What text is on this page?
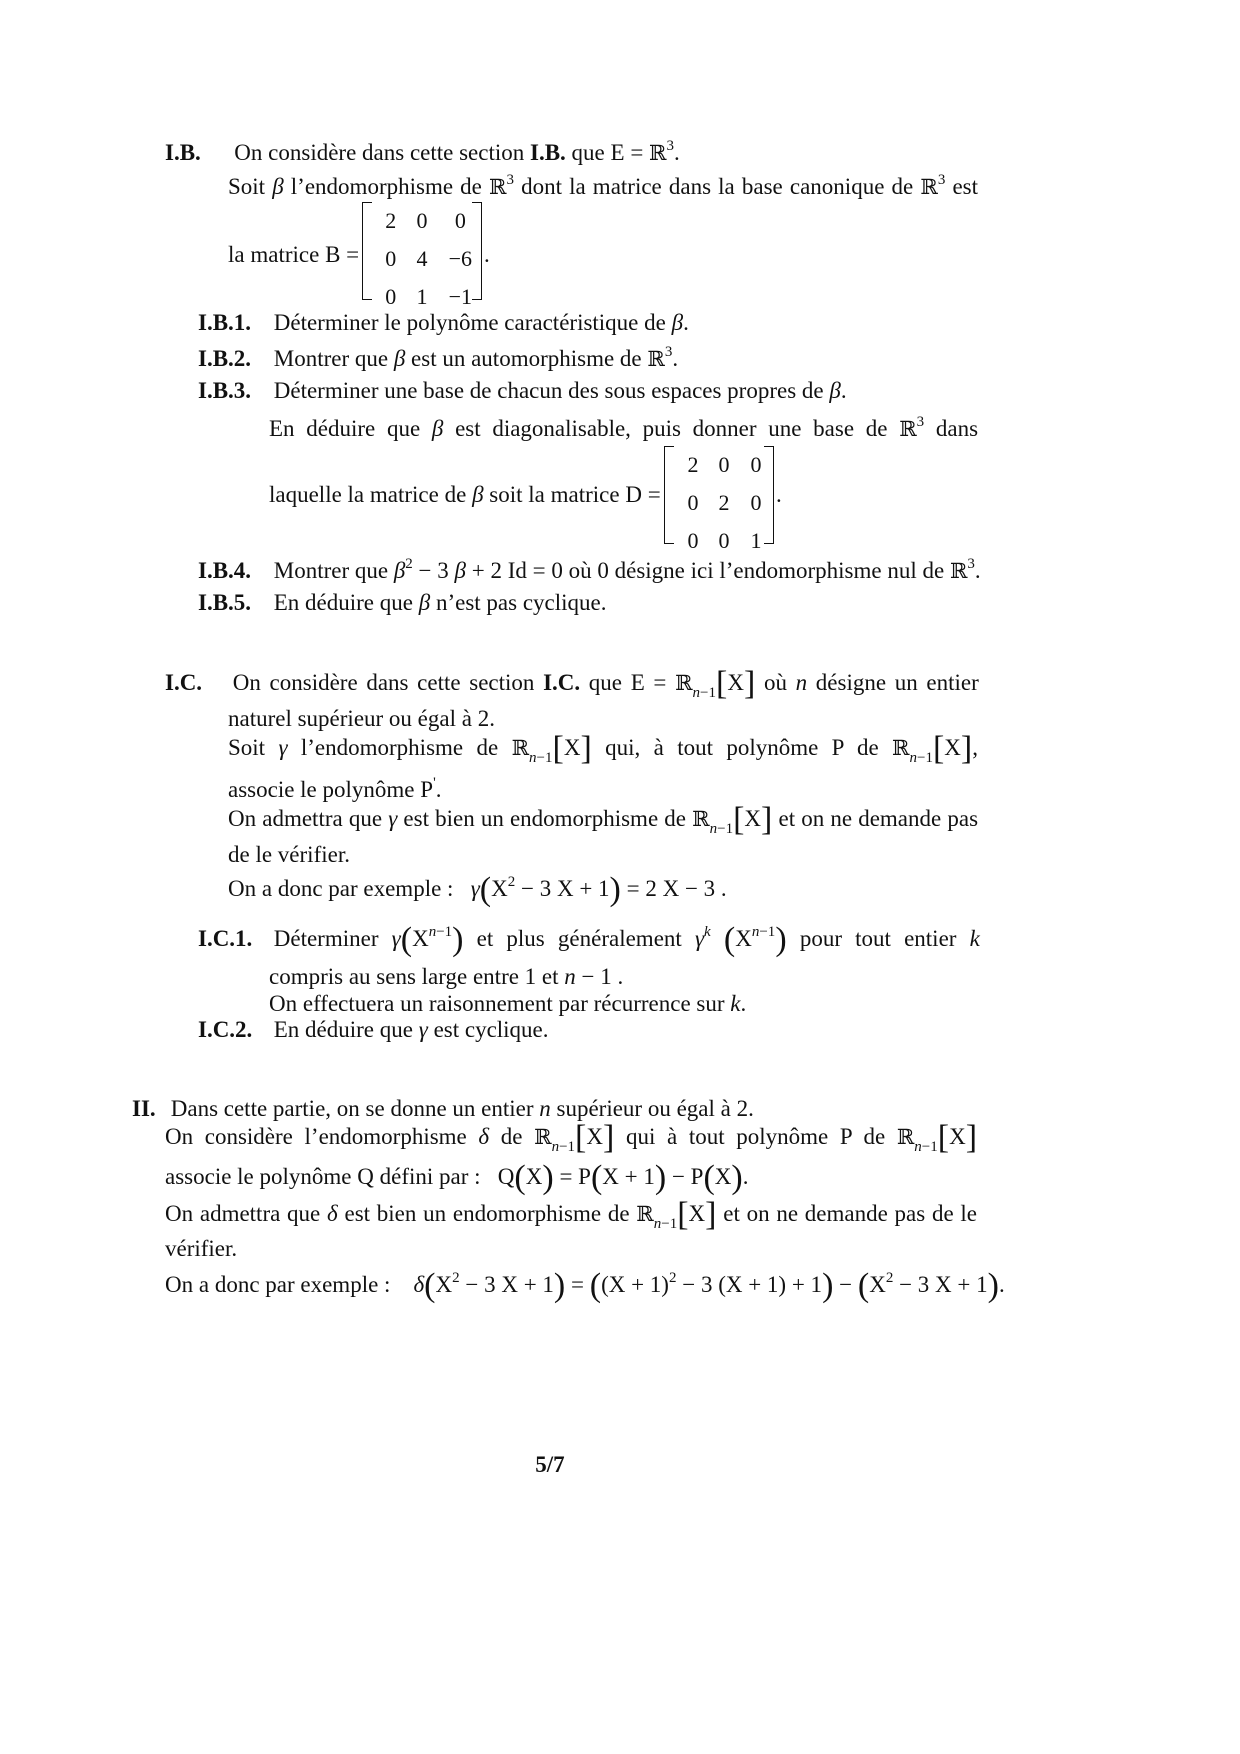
I.B. On considère dans cette section I.B. que E = ℝ$^3$.
Soit β l’endomorphisme de ℝ$^3$ dont la matrice dans la base canonique de ℝ$^3$ est
la matrice B =
2	0	0
0	4	−6
0	1	−1
.
I.B.1. Déterminer le polynôme caractéristique de β.
I.B.2. Montrer que β est un automorphisme de ℝ$^3$.
I.B.3. Déterminer une base de chacun des sous espaces propres de β.
En déduire que β est diagonalisable, puis donner une base de ℝ$^3$ dans
laquelle la matrice de β soit la matrice D =
2	0	0
0	2	0
0	0	1
.
I.B.4. Montrer que $\beta^2 - 3$ β + 2 Id = 0 où 0 désigne ici l’endomorphisme nul de ℝ$^3$.
I.B.5. En déduire que β n’est pas cyclique.
I.C. On considère dans cette section I.C. que E = ℝ$_{n-1}$[X] où n désigne un entier
naturel supérieur ou égal à 2.
Soit γ l’endomorphisme de ℝ$_{n-1}$[X] qui, à tout polynôme P de ℝ$_{n-1}$[X],
associe le polynôme P'.
On admettra que γ est bien un endomorphisme de ℝ$_{n-1}$[X] et on ne demande pas
de le vérifier.
On a donc par exemple : $\gamma(X^2 - 3$ X + 1) = 2 X − 3 .
I.C.1. Déterminer $\gamma(X^{n-1})$ et plus généralement $\gamma^k$ $(X^{n-1})$ pour tout entier k
compris au sens large entre 1 et n − 1 .
On effectuera un raisonnement par récurrence sur k.
I.C.2. En déduire que γ est cyclique.
II. Dans cette partie, on se donne un entier n supérieur ou égal à 2.
On considère l’endomorphisme δ de ℝ$_{n-1}$[X] qui à tout polynôme P de ℝ$_{n-1}$[X]
associe le polynôme Q défini par :   Q(X) = P(X + 1) − P(X).
On admettra que δ est bien un endomorphisme de ℝ$_{n-1}$[X] et on ne demande pas de le
vérifier.
On a donc par exemple : $\delta(X^2 - 3$ $X + 1) = ((X + 1)^2 - 3$ $(X + 1) + 1) - (X^2 - 3$ X + 1).
5/7
